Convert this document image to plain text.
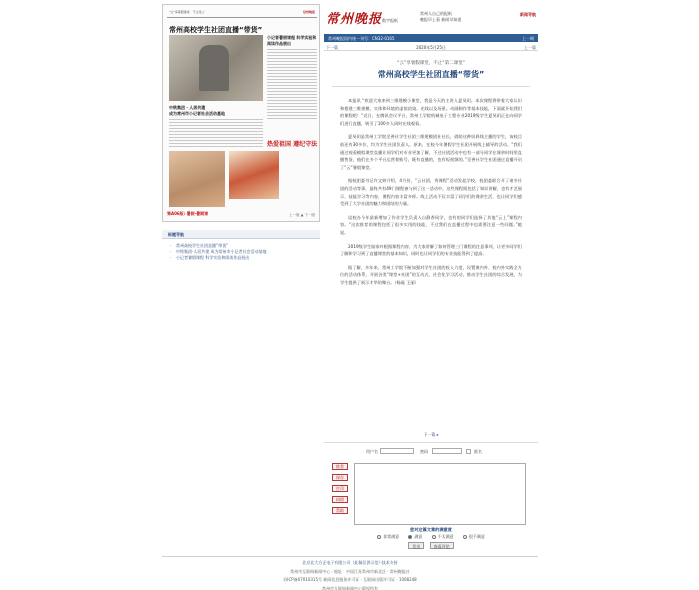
"云"享暑假课堂 · 不止线上	常州晚报
常州高校学生社团直播“带货”
小记者暑假课程 科学实验和阅读作品展出
中铁集团 · 人居共建
成为常州市小记者社会活动基地
热爱祖国 遵纪守法
第A06版: 暑假·暑期课	上一版 ▲ 下一版
标题导航
· 常州高校学生社团直播“带货”
· 中铁集团·人居共建 成为常州市小记者社会活动基地
· 小记者暑假课程 科学实验和阅读作品展出
常州晚报 数字报纸
常州人自己的报纸
晚报早上看 新闻早知道
新闻导航
常州晚报国内统一刊号：CN32-0165	上一期
2020年5月25日
下一篇	上一篇
“云”享暑假课堂，不止“第二课堂”
常州高校学生社团直播“带货”

本报讯 “欢迎大家来到三维建模小课堂，我是今天的主讲人夏旻玥。本次课程将带着大家认识和搭建三维建模，实体和环境的虚拟渲染。光线以及场景。动画制作等基本技能，下面就开始我们的课程吧！”近日，在腾讯会议平台，常州工学院机械电子工程专业2019级学生夏旻玥正在向同学们进行直播，吸引了100多人同时在线观看。

夏旻玥是常州工学院至善社学生社团三维建模团社社长，借助这种屏界线主播的学生，该校目前还有30多位，均为学生社团负责人。原来，在校今年暑假学生社团开展线上辅导的活动。“我们通过观看模拟课堂直播让同学们对专业更加了解，不过社团活动中也有一部分同学在课余时间里直播售货，他们在多个平台运营着账号，既有直播的，也有短视频的。”至善社学生社团通过直播开启了“云”暑假课堂。

据校团委书记许文婷介绍，4月份，“云社团，秀课程”活动发起学校，校团委联合开了诸多社团的活动等事，最终共有49门课程参与到了这一活动中。这些课程既包括了知识讲解，也有才艺展示、技能学习等内容，课程内容丰富多样。线上活动不仅丰富了同学们的课余生活，也让同学们感受到了大学社团的魅力和团结的力量。

谈校办今年最新增加了作业学生负责人自静香同学，也有的同学们选择了其他“云上”课程内容。“这次推荐的课程包括了很多实用的技能，不过我们在直播过程中也需要注意一些问题。”她说。

2019级学生陆家叶根据课程内容，为大家讲解了如何管理三门课程的注意事项，让更多同学们了解和学习到了直播课堂的基本知识，同时也让同学们的专业技能得到了提高。

据了解，多年来，常州工学院不断加强对学生社团的投入力度，设置课内外、校内外实践全方位的活动体系，开展各类“课堂+社团”的互动式、社会化学习活动，推动学生社团的综合发展，为学生提供了展示才华的舞台。（杨磊 王丽）

下一篇 ▸
用户名	密码	匿名
推荐
保存
打印
纠错
帮助
您对这篇文章的满意度
非常满意	满意	不太满意	很不满意
发送	查看评论
北京北大方正电子有限公司（此稿仅供示范）·技术支持
常州市互联网新闻中心 · 地址：中国江苏常州市新北区 · 常州晚报社
苏ICP备07010315号 新闻信息服务许可证 · 互联网出版许可证 · 1008248
常州市互联网新闻中心版权所有
